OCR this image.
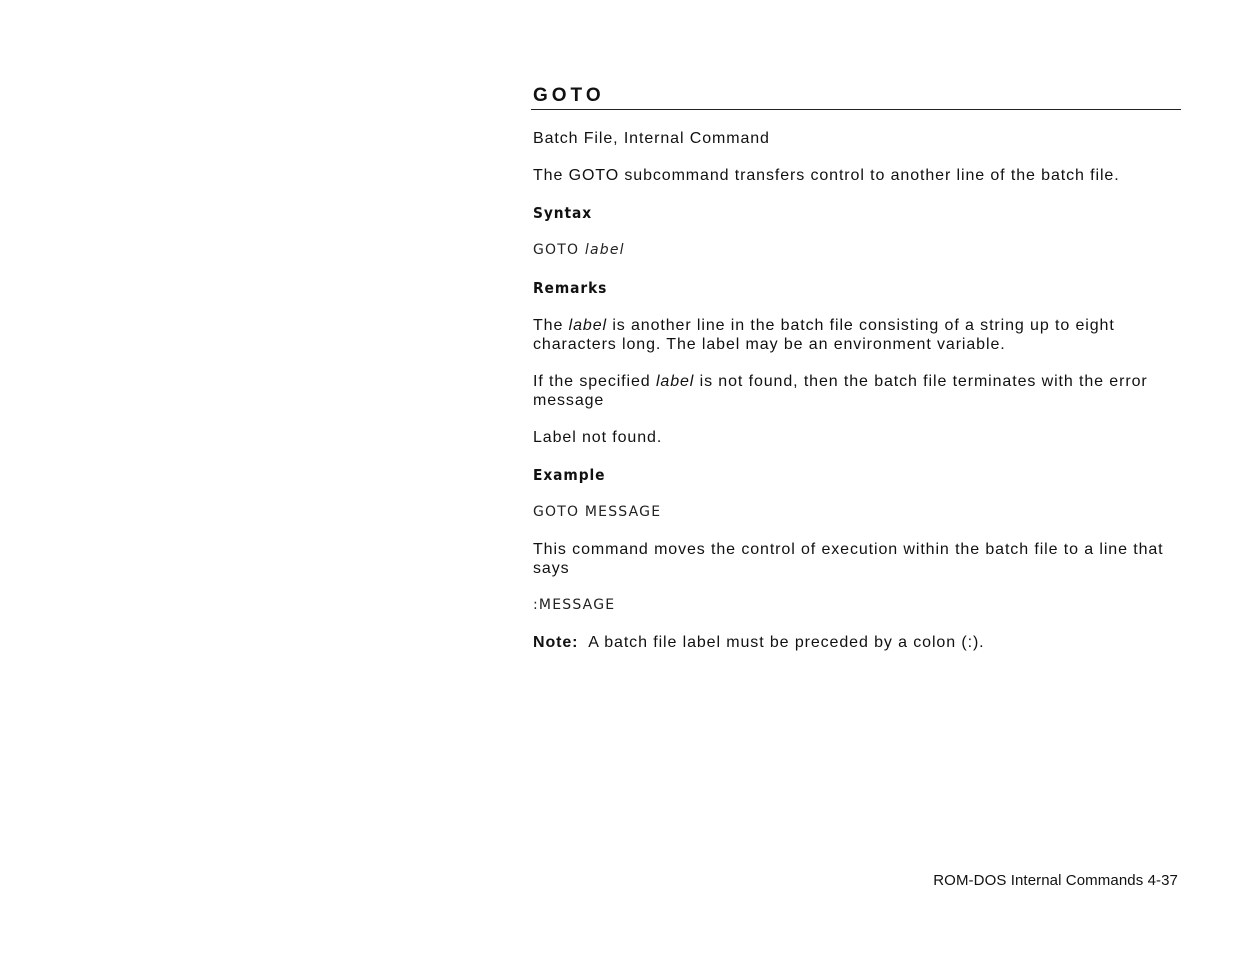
GOTO

Batch File, Internal Command

The GOTO subcommand transfers control to another line of the batch file.

Syntax

GOTO label

Remarks

The label is another line in the batch file consisting of a string up to eight characters long. The label may be an environment variable.

If the specified label is not found, then the batch file terminates with the error message

Label not found.

Example

GOTO MESSAGE

This command moves the control of execution within the batch file to a line that says

:MESSAGE

Note: A batch file label must be preceded by a colon (:).

ROM-DOS Internal Commands 4-37
